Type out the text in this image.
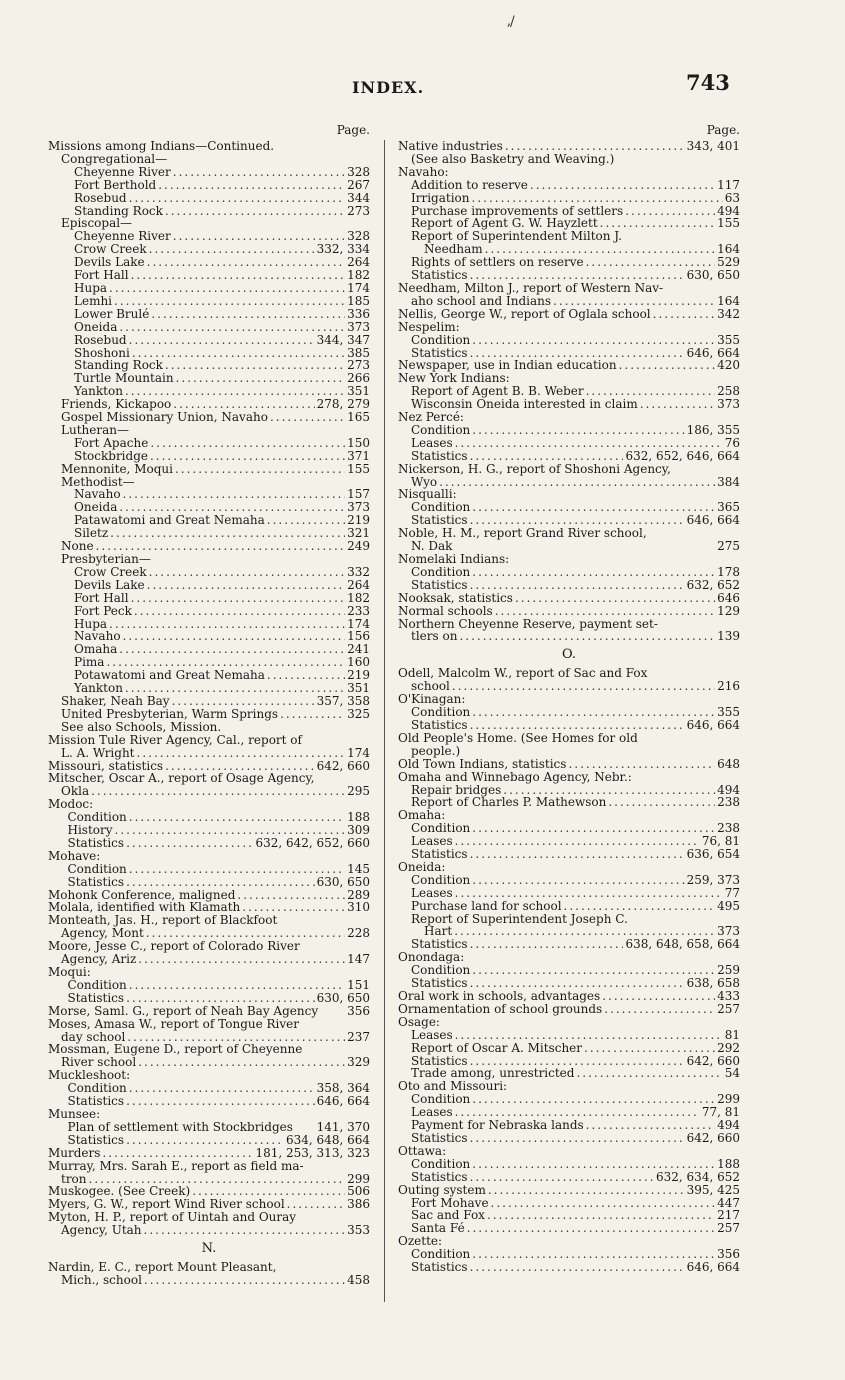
/
ʼ
INDEX.	743
Page.
Missions among Indians—Continued.
Congregational—
Cheyenne River .....	328
Fort Berthold .....	267
Rosebud .....	344
Standing Rock .....	273
Episcopal—
Cheyenne River .....	328
Crow Creek .....	332, 334
Devils Lake .....	264
Fort Hall .....	182
Hupa .....	174
Lemhi .....	185
Lower Brulé .....	336
Oneida .....	373
Rosebud .....	344, 347
Shoshoni .....	385
Standing Rock .....	273
Turtle Mountain .....	266
Yankton .....	351
Friends, Kickapoo .....	278, 279
Gospel Missionary Union, Navaho .....	165
Lutheran—
Fort Apache .....	150
Stockbridge .....	371
Mennonite, Moqui .....	155
Methodist—
Navaho .....	157
Oneida .....	373
Patawatomi and Great Nemaha .....	219
Siletz .....	321
None .....	249
Presbyterian—
Crow Creek .....	332
Devils Lake .....	264
Fort Hall .....	182
Fort Peck .....	233
Hupa .....	174
Navaho .....	156
Omaha .....	241
Pima .....	160
Potawatomi and Great Nemaha .....	219
Yankton .....	351
Shaker, Neah Bay .....	357, 358
United Presbyterian, Warm Springs .....	325
See also Schools, Mission.
Mission Tule River Agency, Cal., report of
L. A. Wright .....	174
Missouri, statistics .....	642, 660
Mitscher, Oscar A., report of Osage Agency,
Okla .....	295
Modoc:
Condition .....	188
History .....	309
Statistics .....	632, 642, 652, 660
Mohave:
Condition .....	145
Statistics .....	630, 650
Mohonk Conference, maligned .....	289
Molala, identified with Klamath .....	310
Monteath, Jas. H., report of Blackfoot
Agency, Mont .....	228
Moore, Jesse C., report of Colorado River
Agency, Ariz .....	147
Moqui:
Condition .....	151
Statistics .....	630, 650
Morse, Saml. G., report of Neah Bay Agency 356
Moses, Amasa W., report of Tongue River
day school .....	237
Mossman, Eugene D., report of Cheyenne
River school .....	329
Muckleshoot:
Condition .....	358, 364
Statistics .....	646, 664
Munsee:
Plan of settlement with Stockbridges 141, 370
Statistics .....	634, 648, 664
Murders .....	181, 253, 313, 323
Murray, Mrs. Sarah E., report as field ma-
tron .....	299
Muskogee. (See Creek) .....	506
Myers, G. W., report Wind River school .....	386
Myton, H. P., report of Uintah and Ouray
Agency, Utah .....	353
N.
Nardin, E. C., report Mount Pleasant,
Mich., school .....	458
Page.
Native industries .....	343, 401
(See also Basketry and Weaving.)
Navaho:
Addition to reserve .....	117
Irrigation .....	63
Purchase improvements of settlers .....	494
Report of Agent G. W. Hayzlett .....	155
Report of Superintendent Milton J.
Needham .....	164
Rights of settlers on reserve .....	529
Statistics .....	630, 650
Needham, Milton J., report of Western Nav-
aho school and Indians .....	164
Nellis, George W., report of Oglala school .....	342
Nespelim:
Condition .....	355
Statistics .....	646, 664
Newspaper, use in Indian education .....	420
New York Indians:
Report of Agent B. B. Weber .....	258
Wisconsin Oneida interested in claim .....	373
Nez Percé:
Condition .....	186, 355
Leases .....	76
Statistics .....	632, 652, 646, 664
Nickerson, H. G., report of Shoshoni Agency,
Wyo .....	384
Nisqualli:
Condition .....	365
Statistics .....	646, 664
Noble, H. M., report Grand River school,
N. Dak	275
Nomelaki Indians:
Condition .....	178
Statistics .....	632, 652
Nooksak, statistics .....	646
Normal schools .....	129
Northern Cheyenne Reserve, payment set-
tlers on .....	139
O.
Odell, Malcolm W., report of Sac and Fox
school .....	216
O'Kinagan:
Condition .....	355
Statistics .....	646, 664
Old People's Home. (See Homes for old
people.)
Old Town Indians, statistics .....	648
Omaha and Winnebago Agency, Nebr.:
Repair bridges .....	494
Report of Charles P. Mathewson .....	238
Omaha:
Condition .....	238
Leases .....	76, 81
Statistics .....	636, 654
Oneida:
Condition .....	259, 373
Leases .....	77
Purchase land for school .....	495
Report of Superintendent Joseph C.
Hart .....	373
Statistics .....	638, 648, 658, 664
Onondaga:
Condition .....	259
Statistics .....	638, 658
Oral work in schools, advantages .....	433
Ornamentation of school grounds .....	257
Osage:
Leases .....	81
Report of Oscar A. Mitscher .....	292
Statistics .....	642, 660
Trade among, unrestricted .....	54
Oto and Missouri:
Condition .....	299
Leases .....	77, 81
Payment for Nebraska lands .....	494
Statistics .....	642, 660
Ottawa:
Condition .....	188
Statistics .....	632, 634, 652
Outing system .....	395, 425
Fort Mohave .....	447
Sac and Fox .....	217
Santa Fé .....	257
Ozette:
Condition .....	356
Statistics .....	646, 664
